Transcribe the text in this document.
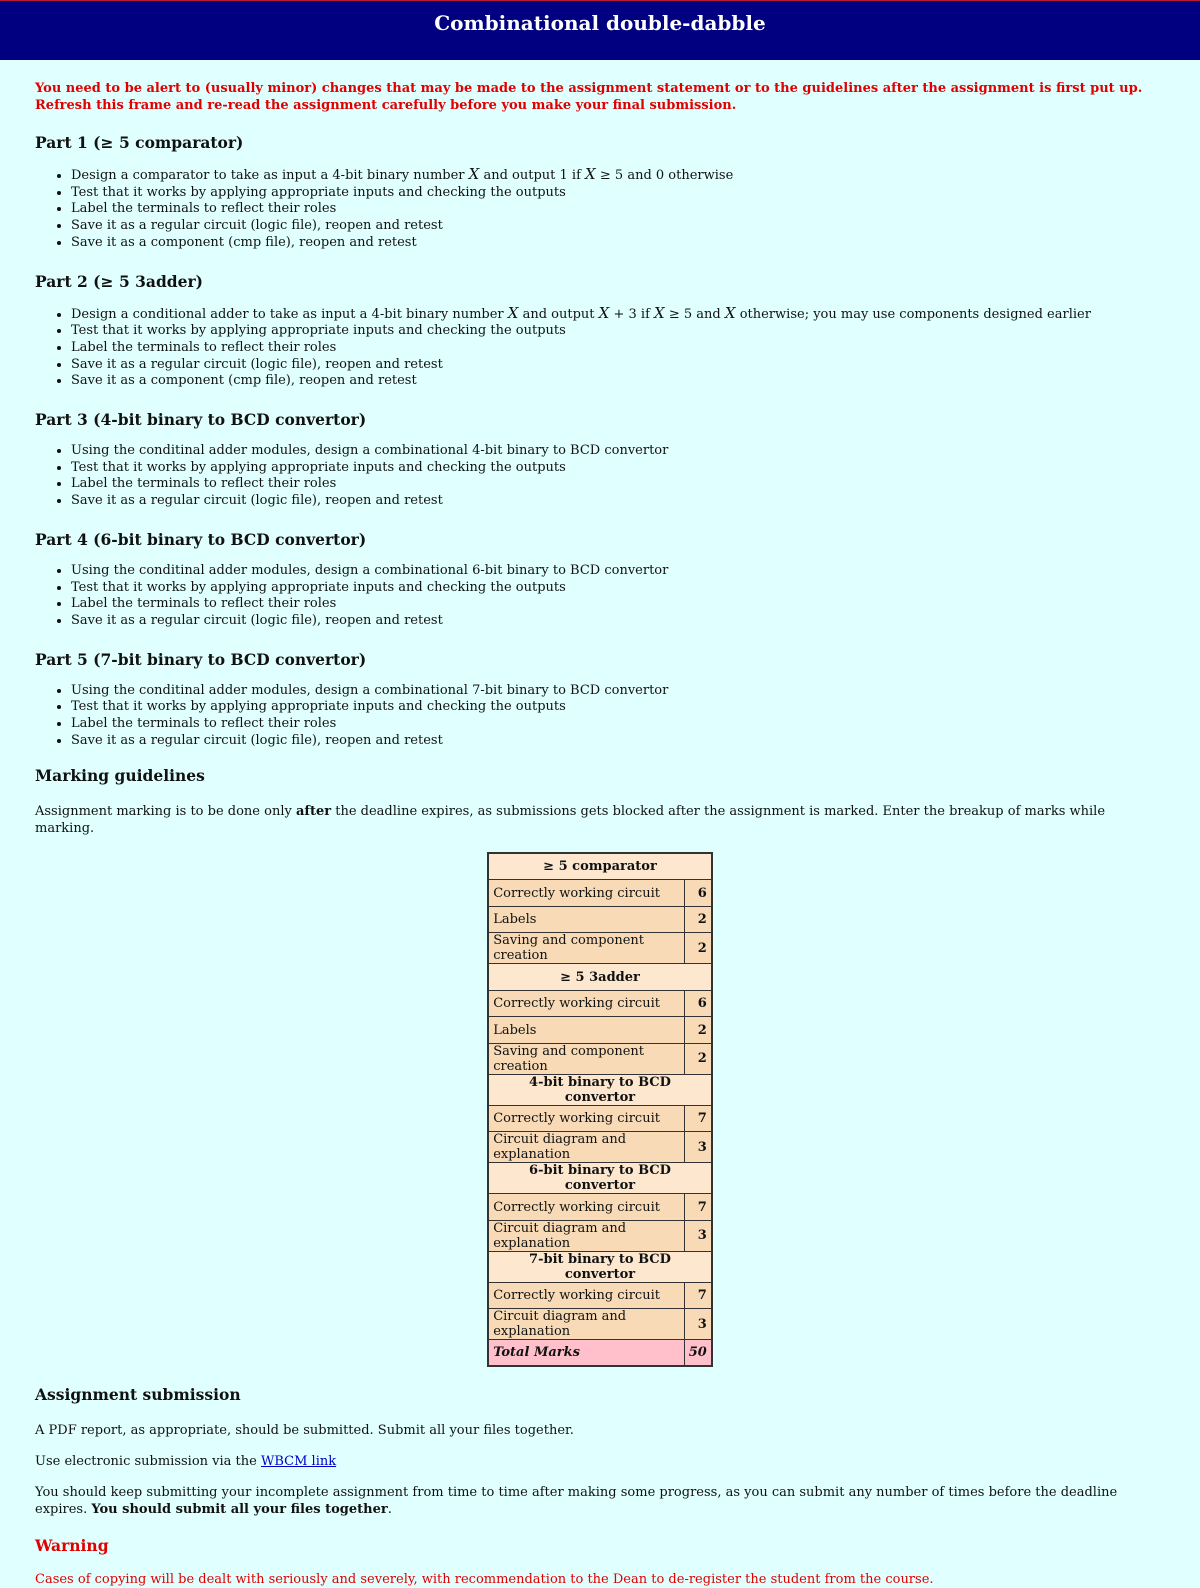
Combinational double-dabble

You need to be alert to (usually minor) changes that may be made to the assignment statement or to the guidelines after the assignment is first put up. Refresh this frame and re-read the assignment carefully before you make your final submission.

Part 1 (≥ 5 comparator)
• Design a comparator to take as input a 4-bit binary number X and output 1 if X ≥ 5 and 0 otherwise
• Test that it works by applying appropriate inputs and checking the outputs
• Label the terminals to reflect their roles
• Save it as a regular circuit (logic file), reopen and retest
• Save it as a component (cmp file), reopen and retest
Part 2 (≥ 5 3adder)
• Design a conditional adder to take as input a 4-bit binary number X and output X + 3 if X ≥ 5 and X otherwise; you may use components designed earlier
• Test that it works by applying appropriate inputs and checking the outputs
• Label the terminals to reflect their roles
• Save it as a regular circuit (logic file), reopen and retest
• Save it as a component (cmp file), reopen and retest
Part 3 (4-bit binary to BCD convertor)
• Using the conditinal adder modules, design a combinational 4-bit binary to BCD convertor
• Test that it works by applying appropriate inputs and checking the outputs
• Label the terminals to reflect their roles
• Save it as a regular circuit (logic file), reopen and retest
Part 4 (6-bit binary to BCD convertor)
• Using the conditinal adder modules, design a combinational 6-bit binary to BCD convertor
• Test that it works by applying appropriate inputs and checking the outputs
• Label the terminals to reflect their roles
• Save it as a regular circuit (logic file), reopen and retest
Part 5 (7-bit binary to BCD convertor)
• Using the conditinal adder modules, design a combinational 7-bit binary to BCD convertor
• Test that it works by applying appropriate inputs and checking the outputs
• Label the terminals to reflect their roles
• Save it as a regular circuit (logic file), reopen and retest
Marking guidelines

Assignment marking is to be done only after the deadline expires, as submissions gets blocked after the assignment is marked. Enter the breakup of marks while marking.

≥ 5 comparator	
Correctly working circuit	6
Labels	2
Saving and component creation	2
≥ 5 3adder	
Correctly working circuit	6
Labels	2
Saving and component creation	2
4-bit binary to BCD convertor	
Correctly working circuit	7
Circuit diagram and explanation	3
6-bit binary to BCD convertor	
Correctly working circuit	7
Circuit diagram and explanation	3
7-bit binary to BCD convertor	
Correctly working circuit	7
Circuit diagram and explanation	3
Total Marks	50
Assignment submission

A PDF report, as appropriate, should be submitted. Submit all your files together.

Use electronic submission via the WBCM link

You should keep submitting your incomplete assignment from time to time after making some progress, as you can submit any number of times before the deadline expires. You should submit all your files together.

Warning

Cases of copying will be dealt with seriously and severely, with recommendation to the Dean to de-register the student from the course.
